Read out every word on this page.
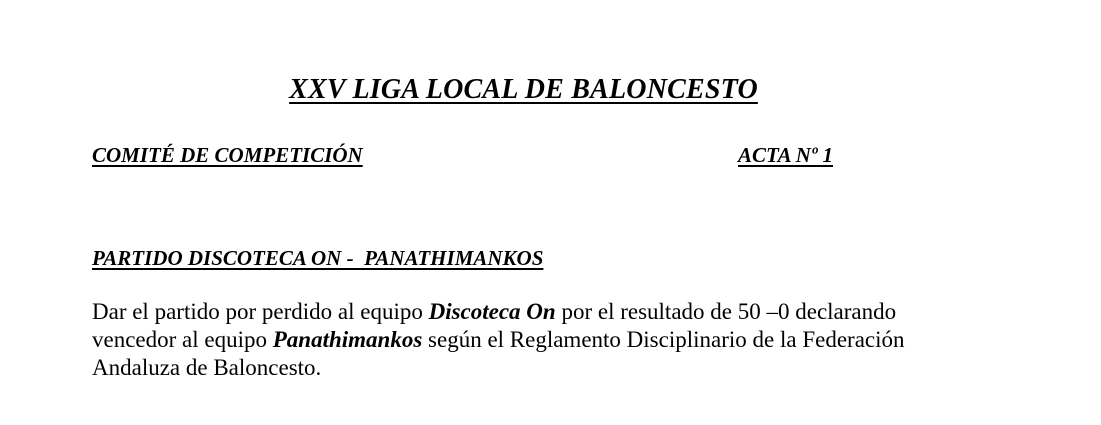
XXV LIGA LOCAL DE BALONCESTO

COMITÉ DE COMPETICIÓN	ACTA Nº 1

PARTIDO DISCOTECA ON -  PANATHIMANKOS

Dar el partido por perdido al equipo Discoteca On por el resultado de 50 –0 declarando
vencedor al equipo Panathimankos según el Reglamento Disciplinario de la Federación
Andaluza de Baloncesto.
